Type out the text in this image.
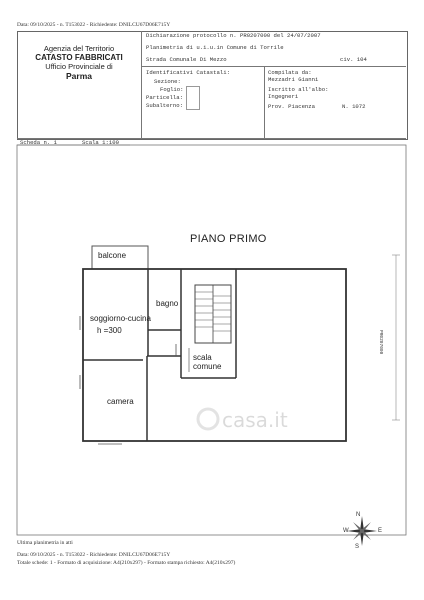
Data: 09/10/2025 - n. T153022 - Richiedente: DNILCU67D06E715Y
Agenzia del Territorio
CATASTO FABBRICATI
Ufficio Provinciale di
Parma
Dichiarazione protocollo n. PR0207000 del 24/07/2007
Planimetria di u.i.u.in Comune di Torrile
Strada Comunale Di Mezzo	civ. 104
Identificativi Catastali:
Sezione:
Foglio:
Particella:
Subalterno:
Compilata da:
Mezzadri Gianni
Iscritto all'albo:
Ingegneri
Prov. Piacenza	N. 1072
Scheda n. 1	Scala 1:100
PIANO PRIMO
balcone
bagno
soggiorno-cucina
h =300
scala
comune
camera
casa.it
PR0207000
N
E
S
W
Ultima planimetria in atti
Data: 09/10/2025 - n. T153022 - Richiedente: DNILCU67D06E715Y
Totale schede: 1 - Formato di acquisizione: A4(210x297) - Formato stampa richiesto: A4(210x297)
